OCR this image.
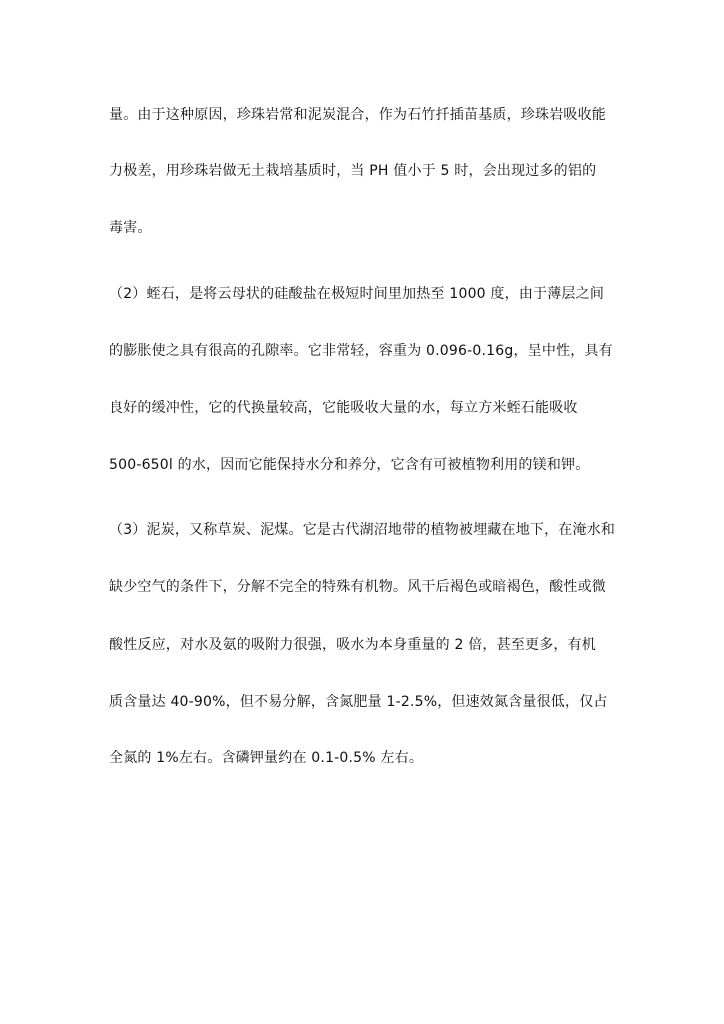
量。由于这种原因，珍珠岩常和泥炭混合，作为石竹扦插苗基质，珍珠岩吸收能
力极差，用珍珠岩做无土栽培基质时，当 PH 值小于 5 时，会出现过多的铝的
毒害。
（2）蛭石，是将云母状的硅酸盐在极短时间里加热至 1000 度，由于薄层之间
的膨胀使之具有很高的孔隙率。它非常轻，容重为 0.096-0.16g，呈中性，具有
良好的缓冲性，它的代换量较高，它能吸收大量的水，每立方米蛭石能吸收
500-650l 的水，因而它能保持水分和养分，它含有可被植物利用的镁和钾。
（3）泥炭，又称草炭、泥煤。它是古代湖沼地带的植物被埋藏在地下，在淹水和
缺少空气的条件下，分解不完全的特殊有机物。风干后褐色或暗褐色，酸性或微
酸性反应，对水及氨的吸附力很强，吸水为本身重量的 2 倍，甚至更多，有机
质含量达 40-90%，但不易分解，含氮肥量 1-2.5%，但速效氮含量很低，仅占
全氮的 1%左右。含磷钾量约在 0.1-0.5% 左右。
